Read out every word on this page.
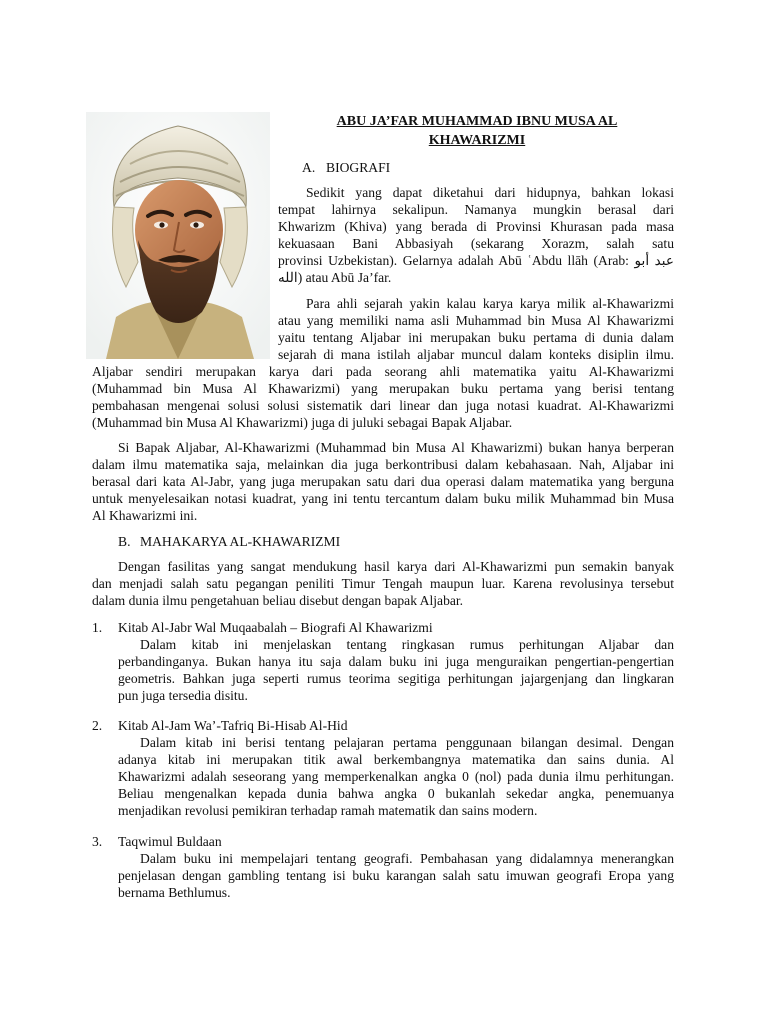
ABU JA’FAR MUHAMMAD IBNU MUSA AL
KHAWARIZMI
A. BIOGRAFI
Sedikit yang dapat diketahui dari hidupnya, bahkan lokasi
tempat lahirnya sekalipun. Namanya mungkin berasal dari
Khwarizm (Khiva) yang berada di Provinsi Khurasan pada masa
kekuasaan Bani Abbasiyah (sekarang Xorazm, salah satu
provinsi Uzbekistan). Gelarnya adalah Abū ʿAbdu llāh (Arab: عبد أبو
الله) atau Abū Ja’far.
Para ahli sejarah yakin kalau karya karya milik al-Khawarizmi
atau yang memiliki nama asli Muhammad bin Musa Al Khawarizmi
yaitu tentang Aljabar ini merupakan buku pertama di dunia dalam
sejarah di mana istilah aljabar muncul dalam konteks disiplin ilmu.
Aljabar sendiri merupakan karya dari pada seorang ahli matematika yaitu Al-Khawarizmi
(Muhammad bin Musa Al Khawarizmi) yang merupakan buku pertama yang berisi tentang
pembahasan mengenai solusi solusi sistematik dari linear dan juga notasi kuadrat. Al-Khawarizmi
(Muhammad bin Musa Al Khawarizmi) juga di juluki sebagai Bapak Aljabar.
Si Bapak Aljabar, Al-Khawarizmi (Muhammad bin Musa Al Khawarizmi) bukan hanya berperan
dalam ilmu matematika saja, melainkan dia juga berkontribusi dalam kebahasaan. Nah, Aljabar ini
berasal dari kata Al-Jabr, yang juga merupakan satu dari dua operasi dalam matematika yang berguna
untuk menyelesaikan notasi kuadrat, yang ini tentu tercantum dalam buku milik Muhammad bin Musa
Al Khawarizmi ini.
B. MAHAKARYA AL-KHAWARIZMI
Dengan fasilitas yang sangat mendukung hasil karya dari Al-Khawarizmi pun semakin banyak
dan menjadi salah satu pegangan peniliti Timur Tengah maupun luar. Karena revolusinya tersebut
dalam dunia ilmu pengetahuan beliau disebut dengan bapak Aljabar.
1. Kitab Al-Jabr Wal Muqaabalah – Biografi Al Khawarizmi
Dalam kitab ini menjelaskan tentang ringkasan rumus perhitungan Aljabar dan
perbandinganya. Bukan hanya itu saja dalam buku ini juga menguraikan pengertian-pengertian
geometris. Bahkan juga seperti rumus teorima segitiga perhitungan jajargenjang dan lingkaran
pun juga tersedia disitu.
2. Kitab Al-Jam Wa’-Tafriq Bi-Hisab Al-Hid
Dalam kitab ini berisi tentang pelajaran pertama penggunaan bilangan desimal. Dengan
adanya kitab ini merupakan titik awal berkembangnya matematika dan sains dunia. Al
Khawarizmi adalah seseorang yang memperkenalkan angka 0 (nol) pada dunia ilmu perhitungan.
Beliau mengenalkan kepada dunia bahwa angka 0 bukanlah sekedar angka, penemuanya
menjadikan revolusi pemikiran terhadap ramah matematik dan sains modern.
3. Taqwimul Buldaan
Dalam buku ini mempelajari tentang geografi. Pembahasan yang didalamnya menerangkan
penjelasan dengan gambling tentang isi buku karangan salah satu imuwan geografi Eropa yang
bernama Bethlumus.
